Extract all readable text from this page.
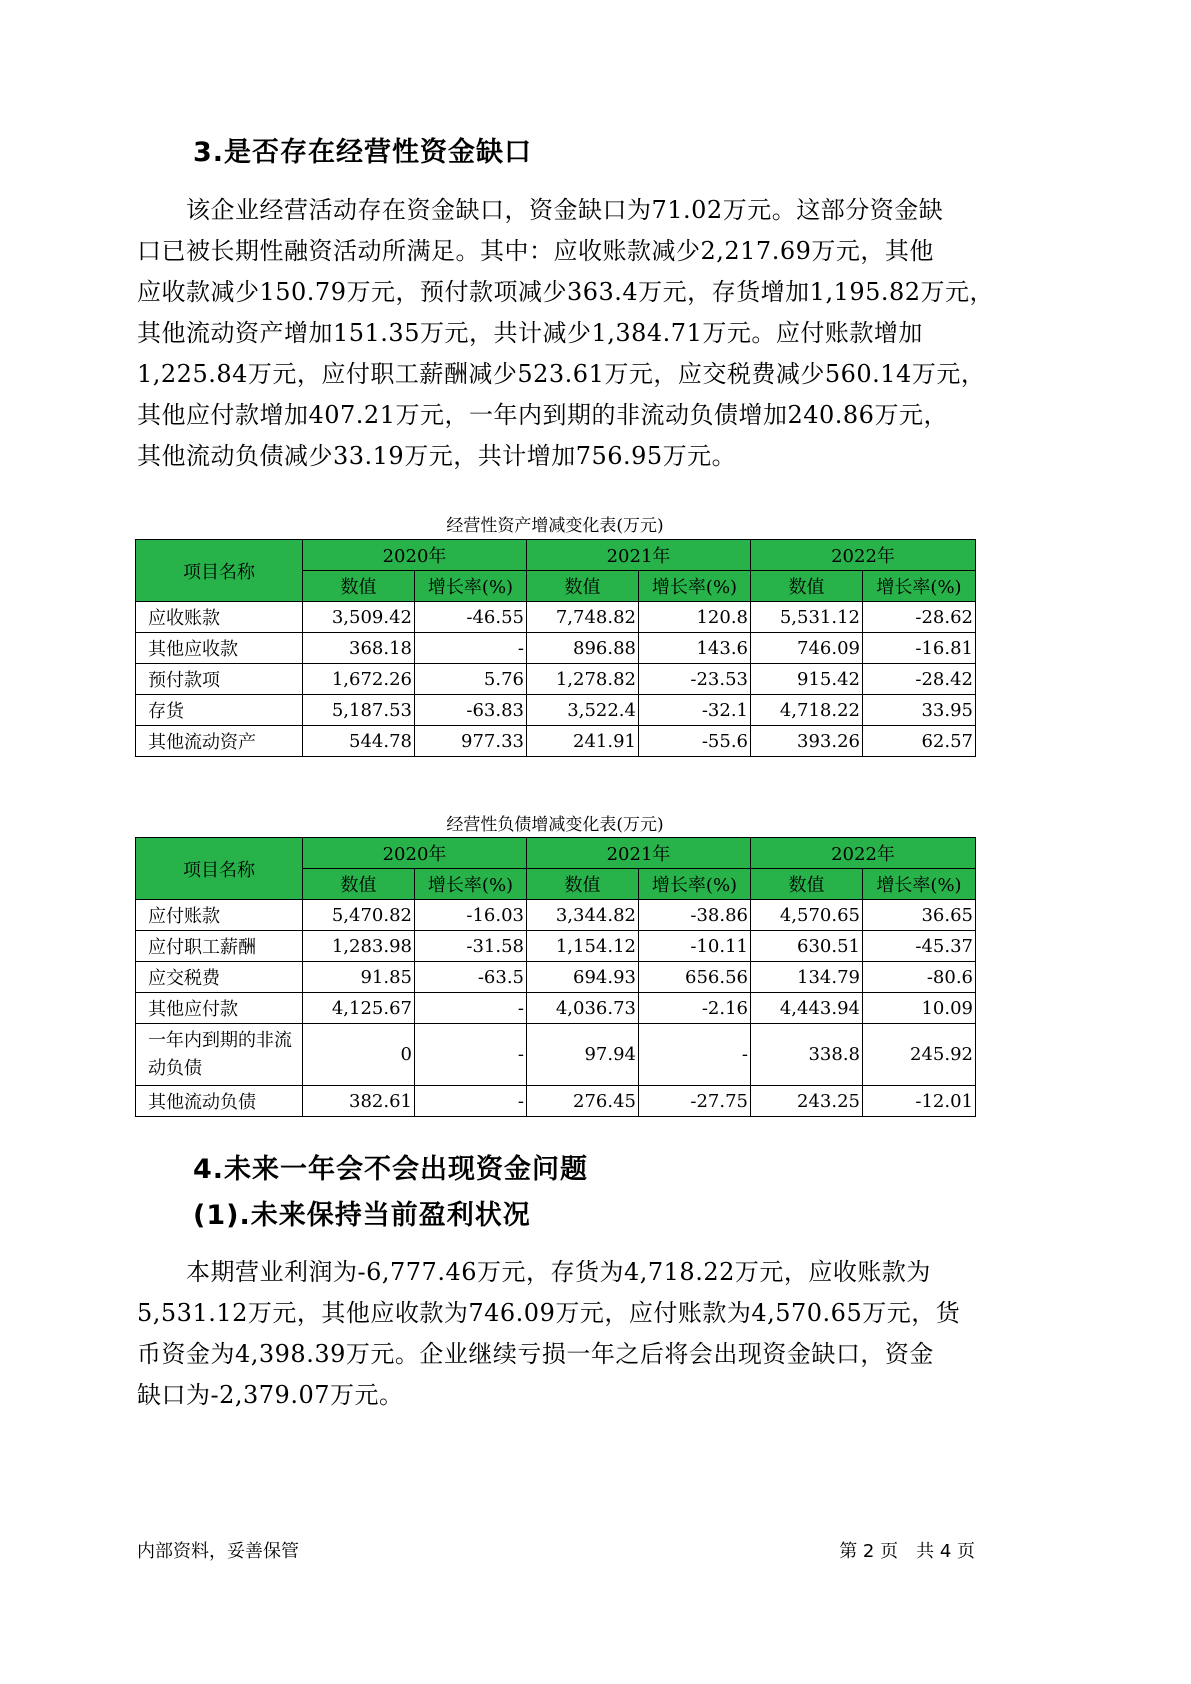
3.是否存在经营性资金缺口
　　该企业经营活动存在资金缺口，资金缺口为71.02万元。这部分资金缺
口已被长期性融资活动所满足。其中：应收账款减少2,217.69万元，其他
应收款减少150.79万元，预付款项减少363.4万元，存货增加1,195.82万元，
其他流动资产增加151.35万元，共计减少1,384.71万元。应付账款增加
1,225.84万元，应付职工薪酬减少523.61万元，应交税费减少560.14万元，
其他应付款增加407.21万元，一年内到期的非流动负债增加240.86万元，
其他流动负债减少33.19万元，共计增加756.95万元。
经营性资产增减变化表(万元)
项目名称	2020年		2021年		2022年	
	数值	增长率(%)	数值	增长率(%)	数值	增长率(%)
应收账款	3,509.42	-46.55	7,748.82	120.8	5,531.12	-28.62
其他应收款	368.18	-	896.88	143.6	746.09	-16.81
预付款项	1,672.26	5.76	1,278.82	-23.53	915.42	-28.42
存货	5,187.53	-63.83	3,522.4	-32.1	4,718.22	33.95
其他流动资产	544.78	977.33	241.91	-55.6	393.26	62.57
经营性负债增减变化表(万元)
项目名称	2020年		2021年		2022年	
	数值	增长率(%)	数值	增长率(%)	数值	增长率(%)
应付账款	5,470.82	-16.03	3,344.82	-38.86	4,570.65	36.65
应付职工薪酬	1,283.98	-31.58	1,154.12	-10.11	630.51	-45.37
应交税费	91.85	-63.5	694.93	656.56	134.79	-80.6
其他应付款	4,125.67	-	4,036.73	-2.16	4,443.94	10.09
一年内到期的非流动负债	0	-	97.94	-	338.8	245.92
其他流动负债	382.61	-	276.45	-27.75	243.25	-12.01
4.未来一年会不会出现资金问题
(1).未来保持当前盈利状况
　　本期营业利润为-6,777.46万元，存货为4,718.22万元，应收账款为
5,531.12万元，其他应收款为746.09万元，应付账款为4,570.65万元，货
币资金为4,398.39万元。企业继续亏损一年之后将会出现资金缺口，资金
缺口为-2,379.07万元。
内部资料，妥善保管	第 2 页　共 4 页
